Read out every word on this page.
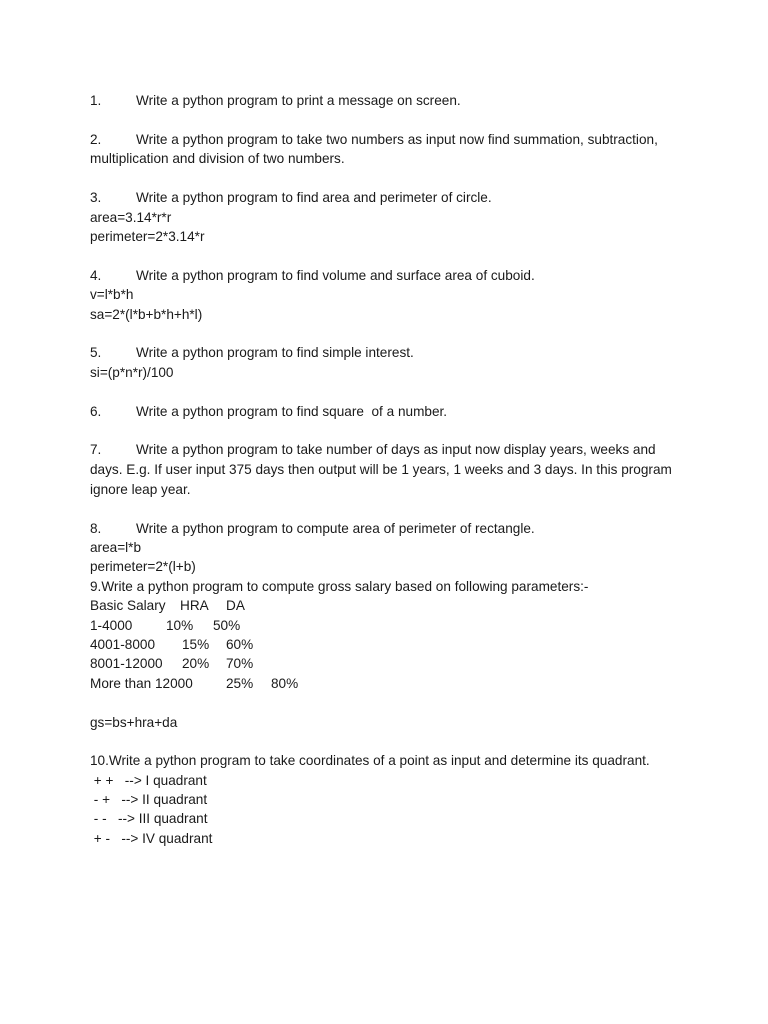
1.	Write a python program to print a message on screen.
2.	Write a python program to take two numbers as input now find summation, subtraction, multiplication and division of two numbers.
3.	Write a python program to find area and perimeter of circle.
area=3.14*r*r
perimeter=2*3.14*r
4.	Write a python program to find volume and surface area of cuboid.
v=l*b*h
sa=2*(l*b+b*h+h*l)
5.	Write a python program to find simple interest.
si=(p*n*r)/100
6.	Write a python program to find square  of a number.
7.	Write a python program to take number of days as input now display years, weeks and days. E.g. If user input 375 days then output will be 1 years, 1 weeks and 3 days. In this program ignore leap year.
8.	Write a python program to compute area of perimeter of rectangle.
area=l*b
perimeter=2*(l+b)
9.Write a python program to compute gross salary based on following parameters:-
Basic Salary HRA DA
1-4000 10% 50%
4001-8000 15% 60%
8001-12000 20% 70%
More than 12000 25% 80%
gs=bs+hra+da
10.Write a python program to take coordinates of a point as input and determine its quadrant.
+ +   --> I quadrant
- +   --> II quadrant
- -   --> III quadrant
+ -   --> IV quadrant
